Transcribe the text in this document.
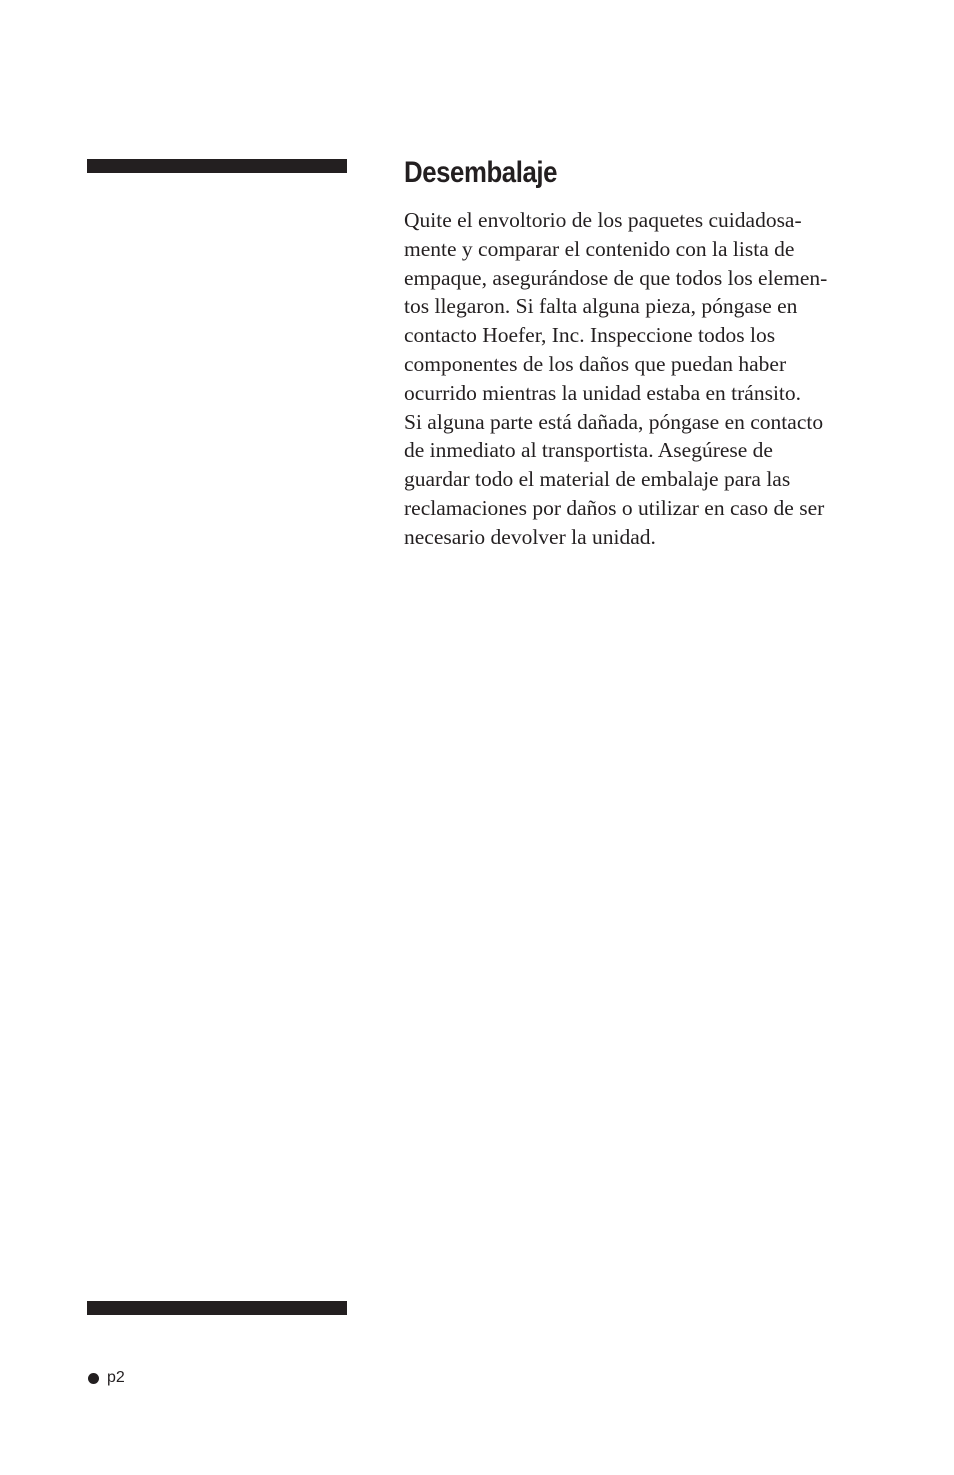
Desembalaje

Quite el envoltorio de los paquetes cuidadosa-
mente y comparar el contenido con la lista de
empaque, asegurándose de que todos los elemen-
tos llegaron. Si falta alguna pieza, póngase en
contacto Hoefer, Inc. Inspeccione todos los
componentes de los daños que puedan haber
ocurrido mientras la unidad estaba en tránsito.
Si alguna parte está dañada, póngase en contacto
de inmediato al transportista. Asegúrese de
guardar todo el material de embalaje para las
reclamaciones por daños o utilizar en caso de ser
necesario devolver la unidad.

p2
